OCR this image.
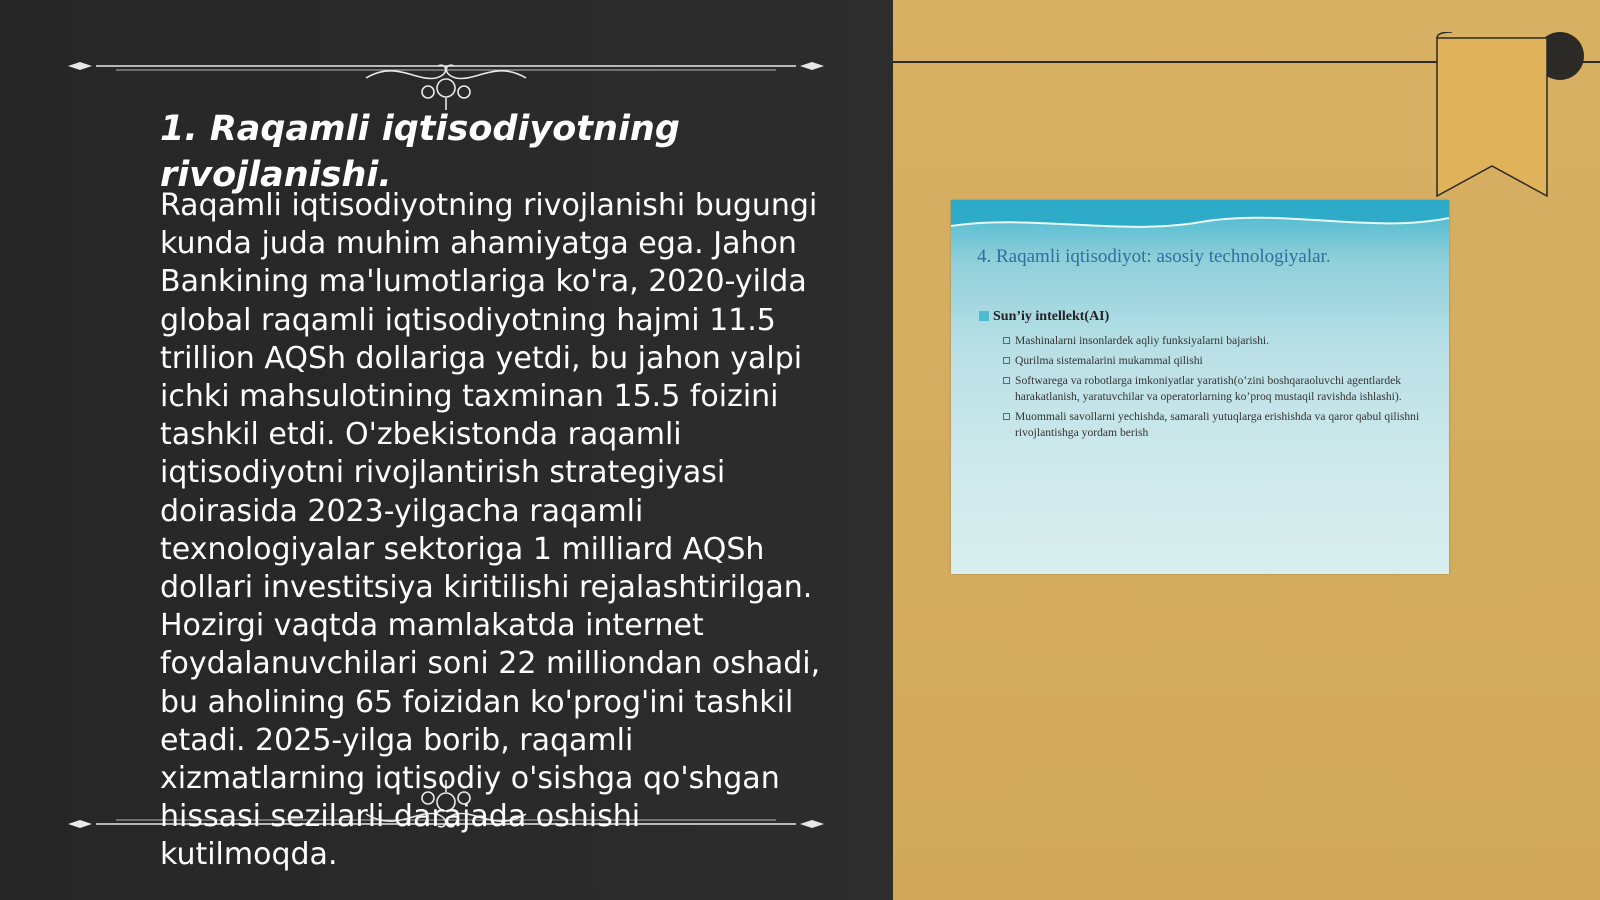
1. Raqamli iqtisodiyotning rivojlanishi.

Raqamli iqtisodiyotning rivojlanishi bugungi kunda juda muhim ahamiyatga ega. Jahon Bankining ma'lumotlariga ko'ra, 2020-yilda global raqamli iqtisodiyotning hajmi 11.5 trillion AQSh dollariga yetdi, bu jahon yalpi ichki mahsulotining taxminan 15.5 foizini tashkil etdi. O'zbekistonda raqamli iqtisodiyotni rivojlantirish strategiyasi doirasida 2023-yilgacha raqamli texnologiyalar sektoriga 1 milliard AQSh dollari investitsiya kiritilishi rejalashtirilgan. Hozirgi vaqtda mamlakatda internet foydalanuvchilari soni 22 milliondan oshadi, bu aholining 65 foizidan ko'prog'ini tashkil etadi. 2025-yilga borib, raqamli xizmatlarning iqtisodiy o'sishga qo'shgan hissasi sezilarli darajada oshishi kutilmoqda.

4. Raqamli iqtisodiyot: asosiy technologiyalar.

Sun’iy intellekt(AI)
Mashinalarni insonlardek aqliy funksiyalarni bajarishi.
Qurilma sistemalarini mukammal qilishi
Softwarega va robotlarga imkoniyatlar yaratish(o’zini boshqaraoluvchi agentlardek harakatlanish, yaratuvchilar va operatorlarning ko’proq mustaqil ravishda ishlashi).
Muommali savollarni yechishda, samarali yutuqlarga erishishda va qaror qabul qilishni rivojlantishga yordam berish
